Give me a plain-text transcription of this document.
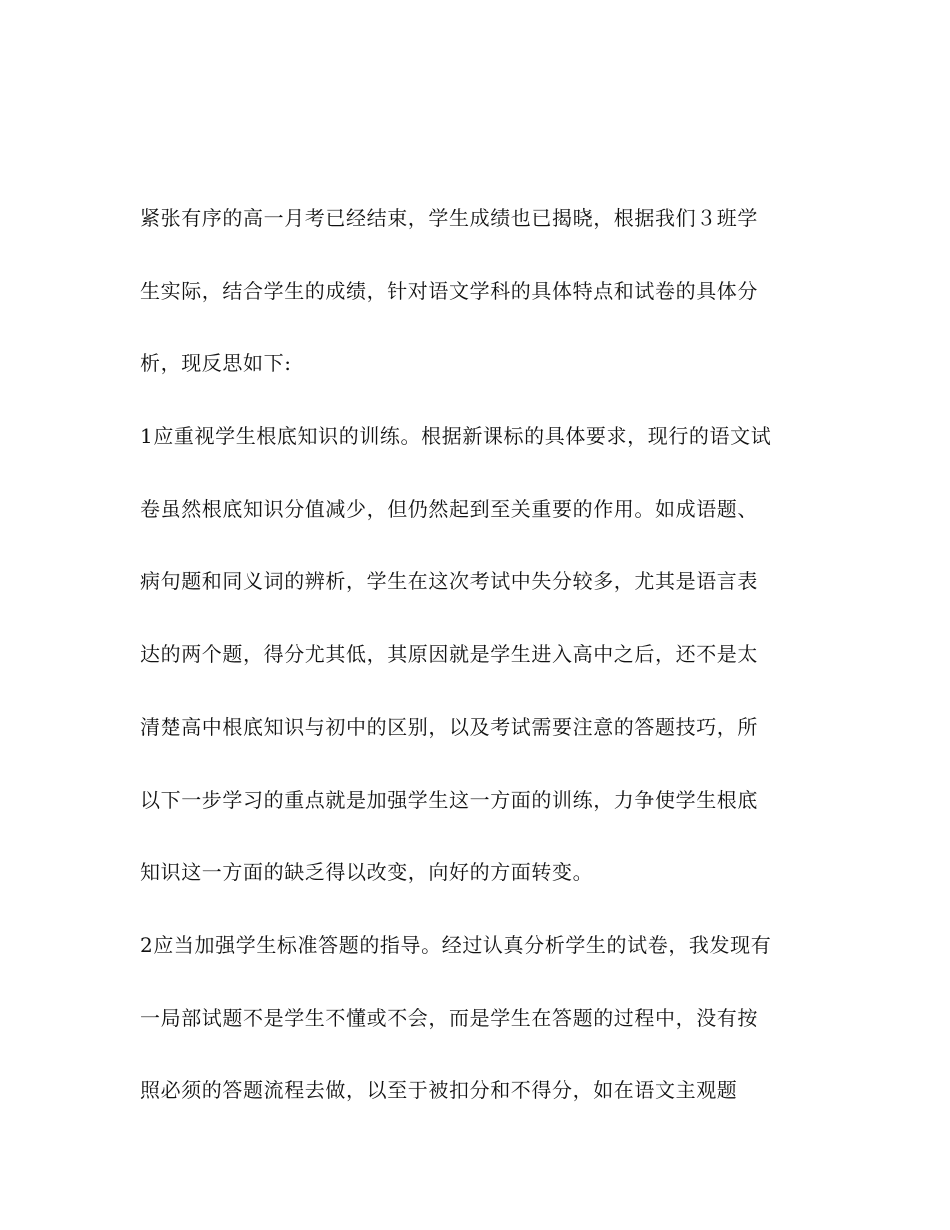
紧张有序的高一月考已经结束，学生成绩也已揭晓，根据我们３班学
生实际，结合学生的成绩，针对语文学科的具体特点和试卷的具体分
析，现反思如下:
1应重视学生根底知识的训练。根据新课标的具体要求，现行的语文试
卷虽然根底知识分值减少，但仍然起到至关重要的作用。如成语题、
病句题和同义词的辨析，学生在这次考试中失分较多，尤其是语言表
达的两个题，得分尤其低，其原因就是学生进入高中之后，还不是太
清楚高中根底知识与初中的区别，以及考试需要注意的答题技巧，所
以下一步学习的重点就是加强学生这一方面的训练，力争使学生根底
知识这一方面的缺乏得以改变，向好的方面转变。
2应当加强学生标准答题的指导。经过认真分析学生的试卷，我发现有
一局部试题不是学生不懂或不会，而是学生在答题的过程中，没有按
照必须的答题流程去做，以至于被扣分和不得分，如在语文主观题
